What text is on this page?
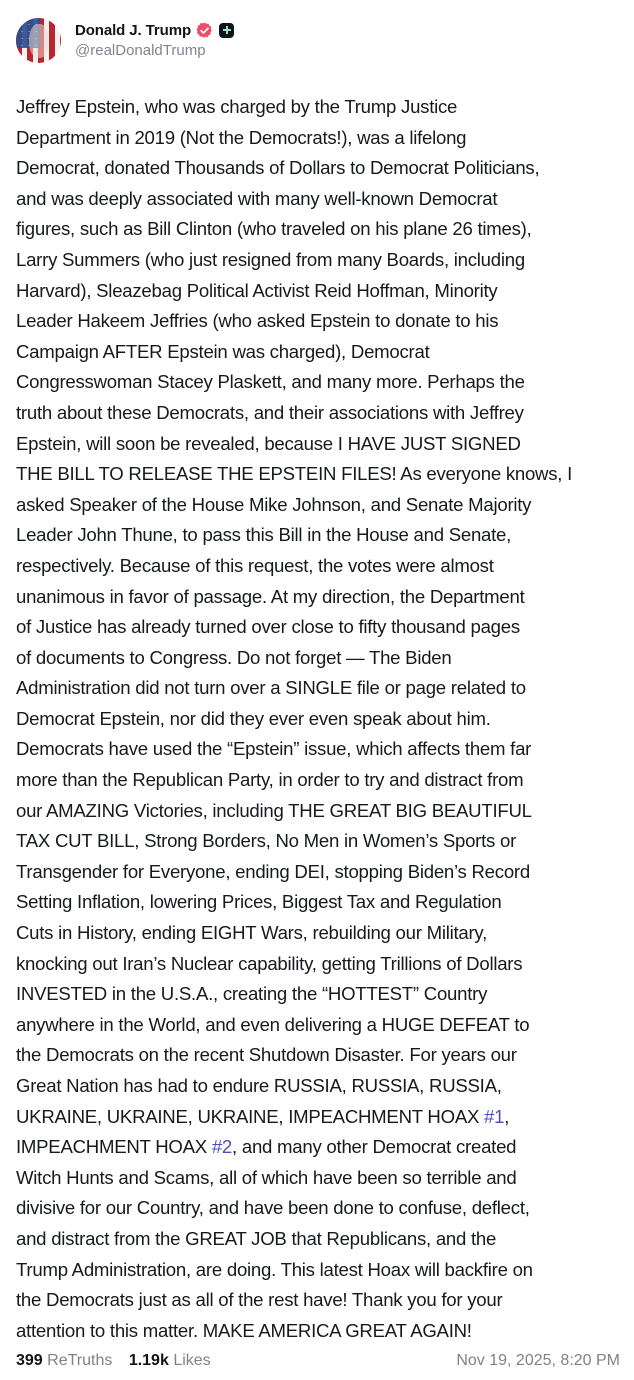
Donald J. Trump
@realDonaldTrump
Jeffrey Epstein, who was charged by the Trump Justice
Department in 2019 (Not the Democrats!), was a lifelong
Democrat, donated Thousands of Dollars to Democrat Politicians,
and was deeply associated with many well-known Democrat
figures, such as Bill Clinton (who traveled on his plane 26 times),
Larry Summers (who just resigned from many Boards, including
Harvard), Sleazebag Political Activist Reid Hoffman, Minority
Leader Hakeem Jeffries (who asked Epstein to donate to his
Campaign AFTER Epstein was charged), Democrat
Congresswoman Stacey Plaskett, and many more. Perhaps the
truth about these Democrats, and their associations with Jeffrey
Epstein, will soon be revealed, because I HAVE JUST SIGNED
THE BILL TO RELEASE THE EPSTEIN FILES! As everyone knows, I
asked Speaker of the House Mike Johnson, and Senate Majority
Leader John Thune, to pass this Bill in the House and Senate,
respectively. Because of this request, the votes were almost
unanimous in favor of passage. At my direction, the Department
of Justice has already turned over close to fifty thousand pages
of documents to Congress. Do not forget — The Biden
Administration did not turn over a SINGLE file or page related to
Democrat Epstein, nor did they ever even speak about him.
Democrats have used the “Epstein” issue, which affects them far
more than the Republican Party, in order to try and distract from
our AMAZING Victories, including THE GREAT BIG BEAUTIFUL
TAX CUT BILL, Strong Borders, No Men in Women’s Sports or
Transgender for Everyone, ending DEI, stopping Biden’s Record
Setting Inflation, lowering Prices, Biggest Tax and Regulation
Cuts in History, ending EIGHT Wars, rebuilding our Military,
knocking out Iran’s Nuclear capability, getting Trillions of Dollars
INVESTED in the U.S.A., creating the “HOTTEST” Country
anywhere in the World, and even delivering a HUGE DEFEAT to
the Democrats on the recent Shutdown Disaster. For years our
Great Nation has had to endure RUSSIA, RUSSIA, RUSSIA,
UKRAINE, UKRAINE, UKRAINE, IMPEACHMENT HOAX #1,
IMPEACHMENT HOAX #2, and many other Democrat created
Witch Hunts and Scams, all of which have been so terrible and
divisive for our Country, and have been done to confuse, deflect,
and distract from the GREAT JOB that Republicans, and the
Trump Administration, are doing. This latest Hoax will backfire on
the Democrats just as all of the rest have! Thank you for your
attention to this matter. MAKE AMERICA GREAT AGAIN!
399 ReTruths 1.19k Likes	Nov 19, 2025, 8:20 PM
